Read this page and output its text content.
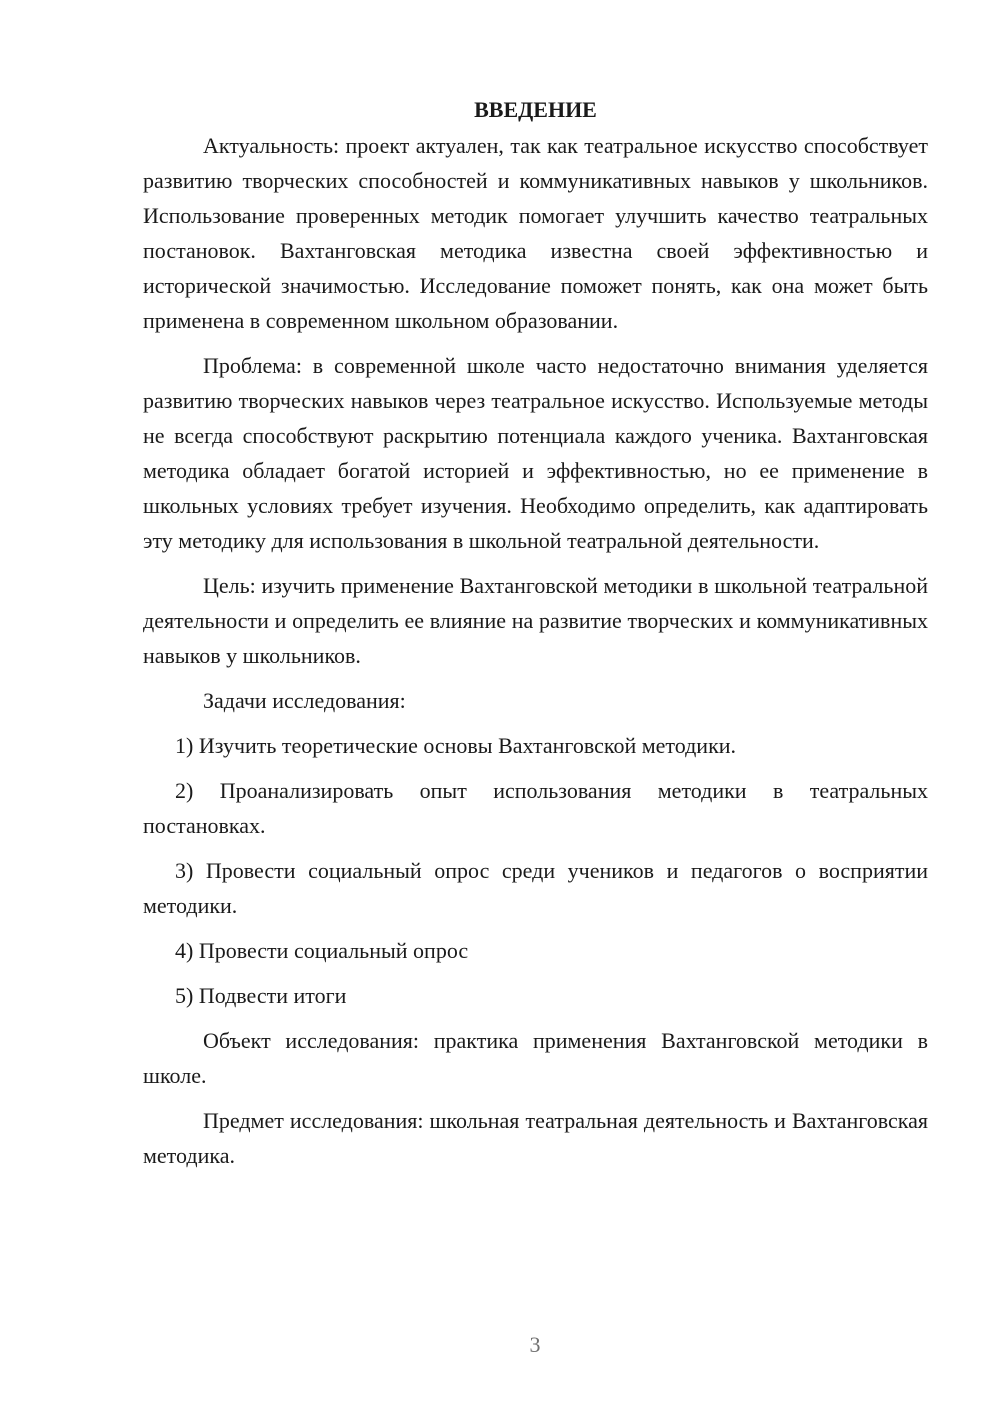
ВВЕДЕНИЕ

Актуальность: проект актуален, так как театральное искусство способствует развитию творческих способностей и коммуникативных навыков у школьников. Использование проверенных методик помогает улучшить качество театральных постановок. Вахтанговская методика известна своей эффективностью и исторической значимостью. Исследование поможет понять, как она может быть применена в современном школьном образовании.

Проблема: в современной школе часто недостаточно внимания уделяется развитию творческих навыков через театральное искусство. Используемые методы не всегда способствуют раскрытию потенциала каждого ученика. Вахтанговская методика обладает богатой историей и эффективностью, но ее применение в школьных условиях требует изучения. Необходимо определить, как адаптировать эту методику для использования в школьной театральной деятельности.

Цель: изучить применение Вахтанговской методики в школьной театральной деятельности и определить ее влияние на развитие творческих и коммуникативных навыков у школьников.

Задачи исследования:

1) Изучить теоретические основы Вахтанговской методики.

2) Проанализировать опыт использования методики в театральных постановках.

3) Провести социальный опрос среди учеников и педагогов о восприятии методики.

4) Провести социальный опрос

5) Подвести итоги

Объект исследования: практика применения Вахтанговской методики в школе.

Предмет исследования: школьная театральная деятельность и Вахтанговская методика.

3
